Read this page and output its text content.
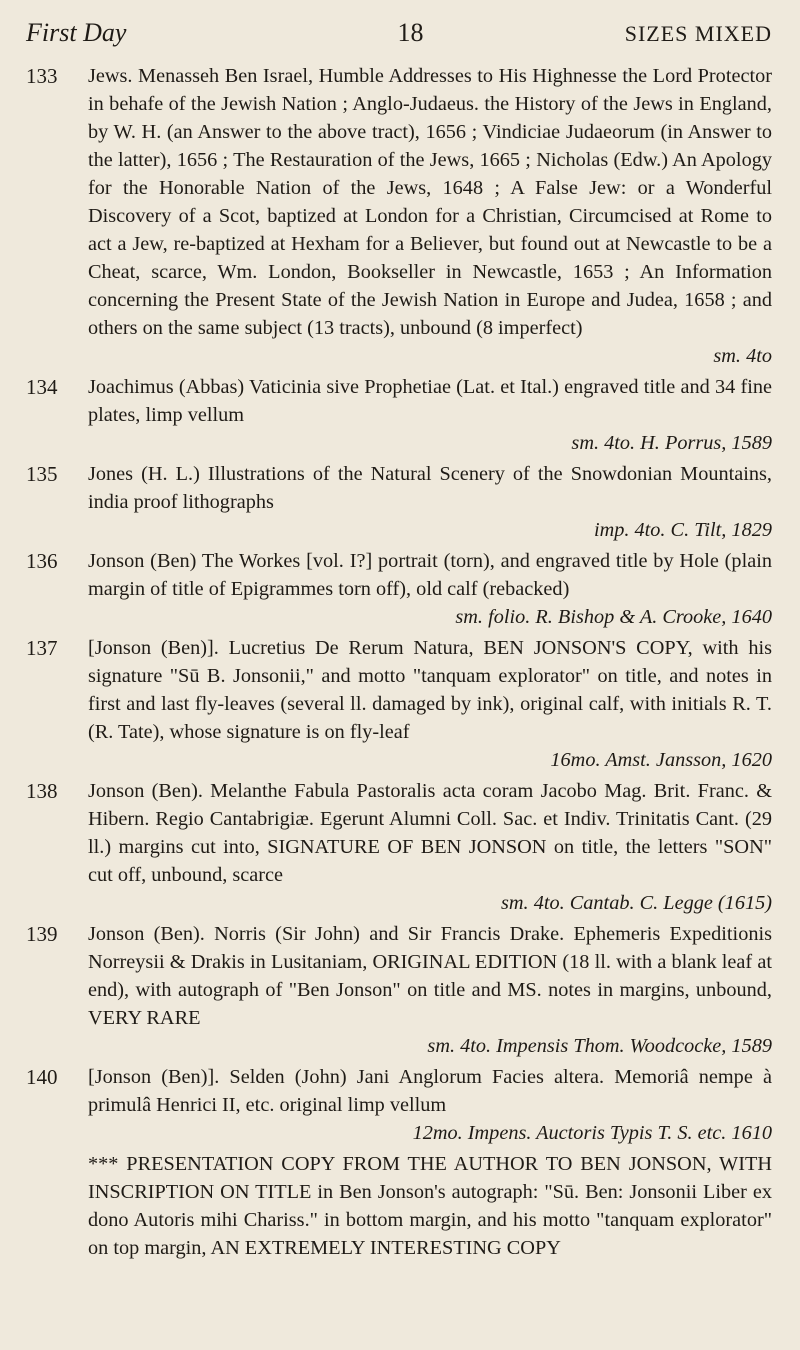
First Day	18	SIZES MIXED
133	Jews. Menasseh Ben Israel, Humble Addresses to His Highnesse the Lord Protector in behafe of the Jewish Nation ; Anglo-Judaeus. the History of the Jews in England, by W. H. (an Answer to the above tract), 1656 ; Vindiciae Judaeorum (in Answer to the latter), 1656 ; The Restauration of the Jews, 1665 ; Nicholas (Edw.) An Apology for the Honorable Nation of the Jews, 1648 ; A False Jew: or a Wonderful Discovery of a Scot, baptized at London for a Christian, Circumcised at Rome to act a Jew, re-baptized at Hexham for a Believer, but found out at Newcastle to be a Cheat, scarce, Wm. London, Bookseller in Newcastle, 1653 ; An Information concerning the Present State of the Jewish Nation in Europe and Judea, 1658 ; and others on the same subject (13 tracts), unbound (8 imperfect)
sm. 4to
134	Joachimus (Abbas) Vaticinia sive Prophetiae (Lat. et Ital.) engraved title and 34 fine plates, limp vellum
sm. 4to. H. Porrus, 1589
135	Jones (H. L.) Illustrations of the Natural Scenery of the Snowdonian Mountains, india proof lithographs
imp. 4to. C. Tilt, 1829
136	Jonson (Ben) The Workes [vol. I?] portrait (torn), and engraved title by Hole (plain margin of title of Epigrammes torn off), old calf (rebacked)
sm. folio. R. Bishop & A. Crooke, 1640
137	[Jonson (Ben)]. Lucretius De Rerum Natura, BEN JONSON'S COPY, with his signature "Sū B. Jonsonii," and motto "tanquam explorator" on title, and notes in first and last fly-leaves (several ll. damaged by ink), original calf, with initials R. T. (R. Tate), whose signature is on fly-leaf
16mo. Amst. Jansson, 1620
138	Jonson (Ben). Melanthe Fabula Pastoralis acta coram Jacobo Mag. Brit. Franc. & Hibern. Regio Cantabrigiæ. Egerunt Alumni Coll. Sac. et Indiv. Trinitatis Cant. (29 ll.) margins cut into, SIGNATURE OF BEN JONSON on title, the letters "SON" cut off, unbound, scarce
sm. 4to. Cantab. C. Legge (1615)
139	Jonson (Ben). Norris (Sir John) and Sir Francis Drake. Ephemeris Expeditionis Norreysii & Drakis in Lusitaniam, ORIGINAL EDITION (18 ll. with a blank leaf at end), with autograph of "Ben Jonson" on title and MS. notes in margins, unbound, VERY RARE
sm. 4to. Impensis Thom. Woodcocke, 1589
140	[Jonson (Ben)]. Selden (John) Jani Anglorum Facies altera. Memoriâ nempe à primulâ Henrici II, etc. original limp vellum
12mo. Impens. Auctoris Typis T. S. etc. 1610
*** PRESENTATION COPY FROM THE AUTHOR TO BEN JONSON, WITH INSCRIPTION ON TITLE in Ben Jonson's autograph: "Sū. Ben: Jonsonii Liber ex dono Autoris mihi Chariss." in bottom margin, and his motto "tanquam explorator" on top margin, AN EXTREMELY INTERESTING COPY
